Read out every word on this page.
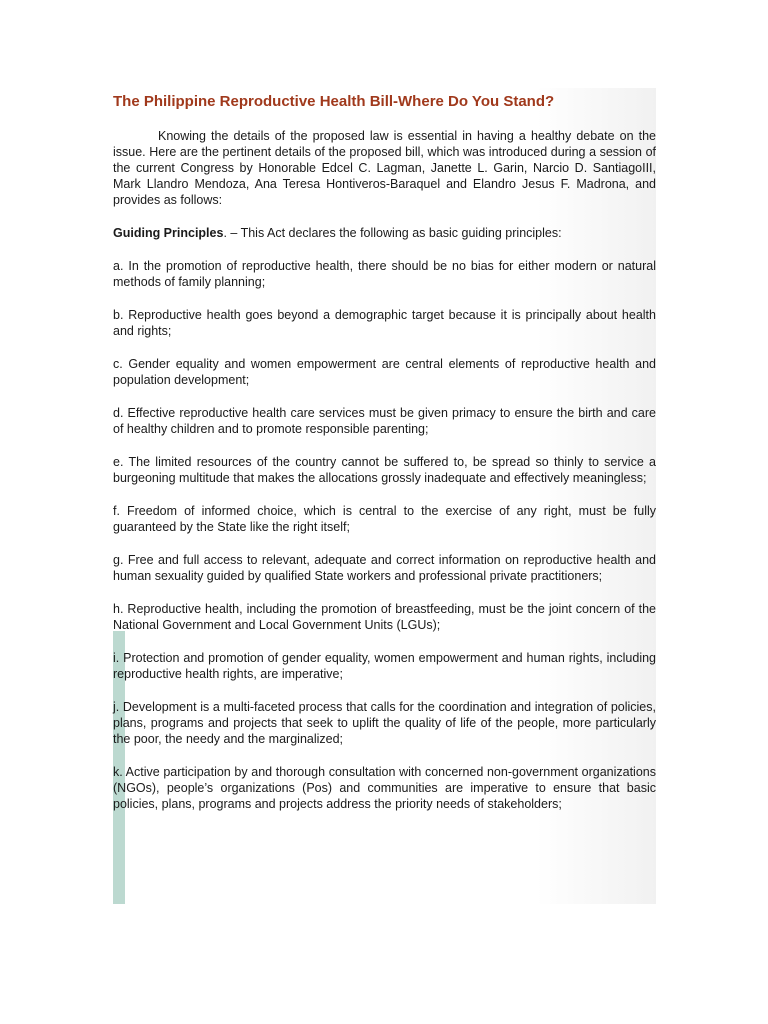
The Philippine Reproductive Health Bill-Where Do You Stand?

Knowing the details of the proposed law is essential in having a healthy debate on the issue. Here are the pertinent details of the proposed bill, which was introduced during a session of the current Congress by Honorable Edcel C. Lagman, Janette L. Garin, Narcio D. SantiagoIII, Mark Llandro Mendoza, Ana Teresa Hontiveros-Baraquel and Elandro Jesus F. Madrona, and provides as follows:

Guiding Principles. – This Act declares the following as basic guiding principles:

a. In the promotion of reproductive health, there should be no bias for either modern or natural methods of family planning;

b. Reproductive health goes beyond a demographic target because it is principally about health and rights;

c. Gender equality and women empowerment are central elements of reproductive health and population development;

d. Effective reproductive health care services must be given primacy to ensure the birth and care of healthy children and to promote responsible parenting;

e. The limited resources of the country cannot be suffered to, be spread so thinly to service a burgeoning multitude that makes the allocations grossly inadequate and effectively meaningless;

f. Freedom of informed choice, which is central to the exercise of any right, must be fully guaranteed by the State like the right itself;

g. Free and full access to relevant, adequate and correct information on reproductive health and human sexuality guided by qualified State workers and professional private practitioners;

h. Reproductive health, including the promotion of breastfeeding, must be the joint concern of the National Government and Local Government Units (LGUs);

i. Protection and promotion of gender equality, women empowerment and human rights, including reproductive health rights, are imperative;

j. Development is a multi-faceted process that calls for the coordination and integration of policies, plans, programs and projects that seek to uplift the quality of life of the people, more particularly the poor, the needy and the marginalized;

k. Active participation by and thorough consultation with concerned non-government organizations (NGOs), people’s organizations (Pos) and communities are imperative to ensure that basic policies, plans, programs and projects address the priority needs of stakeholders;
